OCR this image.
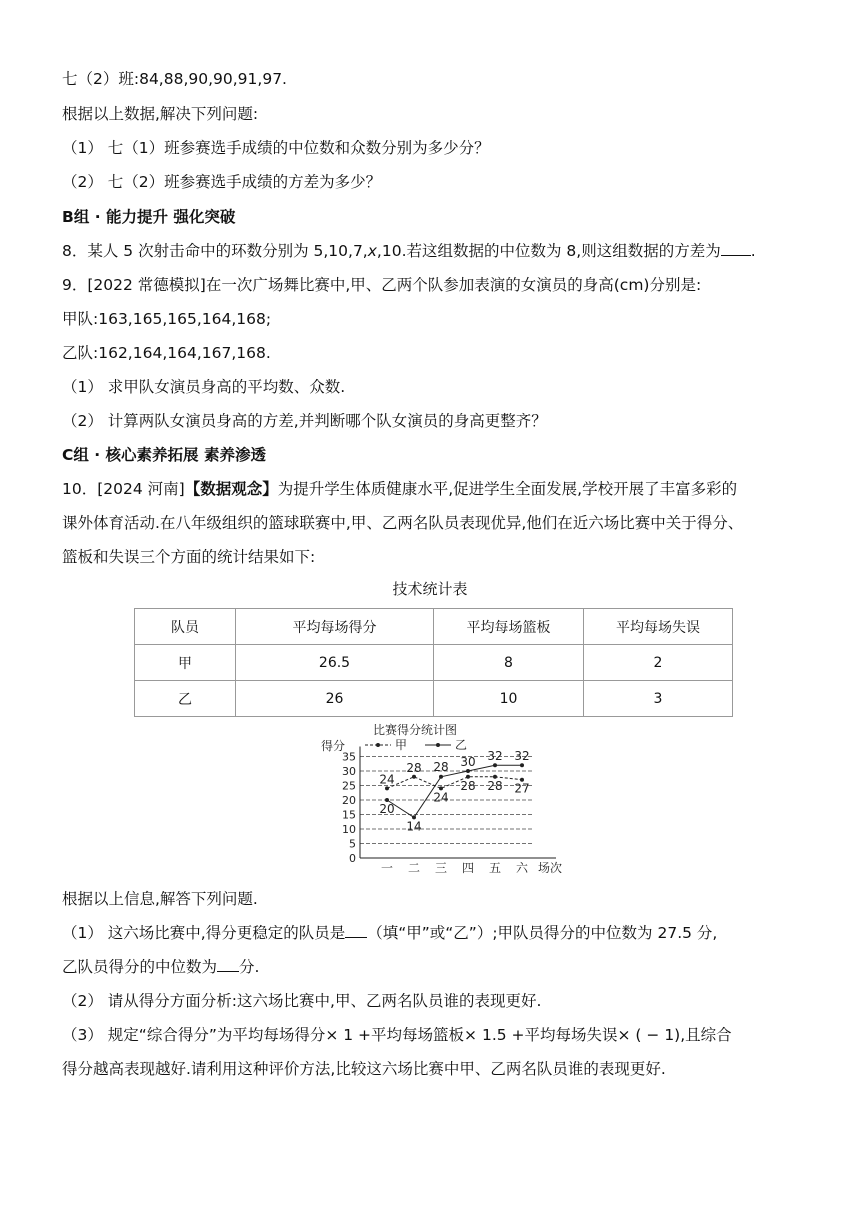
七（2）班:84,88,90,90,91,97.
根据以上数据,解决下列问题:
（1） 七（1）班参赛选手成绩的中位数和众数分别为多少分？
（2） 七（2）班参赛选手成绩的方差为多少？
B组 · 能力提升 强化突破
8．某人 5 次射击命中的环数分别为 5,10,7,x,10.若这组数据的中位数为 8,则这组数据的方差为 .
9．[2022 常德模拟]在一次广场舞比赛中,甲、乙两个队参加表演的女演员的身高(cm)分别是:
甲队:163,165,165,164,168;
乙队:162,164,164,167,168.
（1） 求甲队女演员身高的平均数、众数.
（2） 计算两队女演员身高的方差,并判断哪个队女演员的身高更整齐？
C组 · 核心素养拓展 素养渗透
10．[2024 河南]【数据观念】为提升学生体质健康水平,促进学生全面发展,学校开展了丰富多彩的
课外体育活动.在八年级组织的篮球联赛中,甲、乙两名队员表现优异,他们在近六场比赛中关于得分、
篮板和失误三个方面的统计结果如下:
技术统计表
队员	平均每场得分	平均每场篮板	平均每场失误
甲	26.5	8	2
乙	26	10	3
比赛得分统计图
得分	甲	乙
0
5
10
15
20
25
30
35
一 二 三 四 五 六 场次
24
28
24
28 28 27
20
14
28 30 32 32
根据以上信息,解答下列问题.
（1） 这六场比赛中,得分更稳定的队员是 （填“甲”或“乙”）;甲队员得分的中位数为 27.5 分,
乙队员得分的中位数为 分.
（2） 请从得分方面分析:这六场比赛中,甲、乙两名队员谁的表现更好.
（3） 规定“综合得分”为平均每场得分× 1 +平均每场篮板× 1.5 +平均每场失误× ( − 1),且综合
得分越高表现越好.请利用这种评价方法,比较这六场比赛中甲、乙两名队员谁的表现更好.
